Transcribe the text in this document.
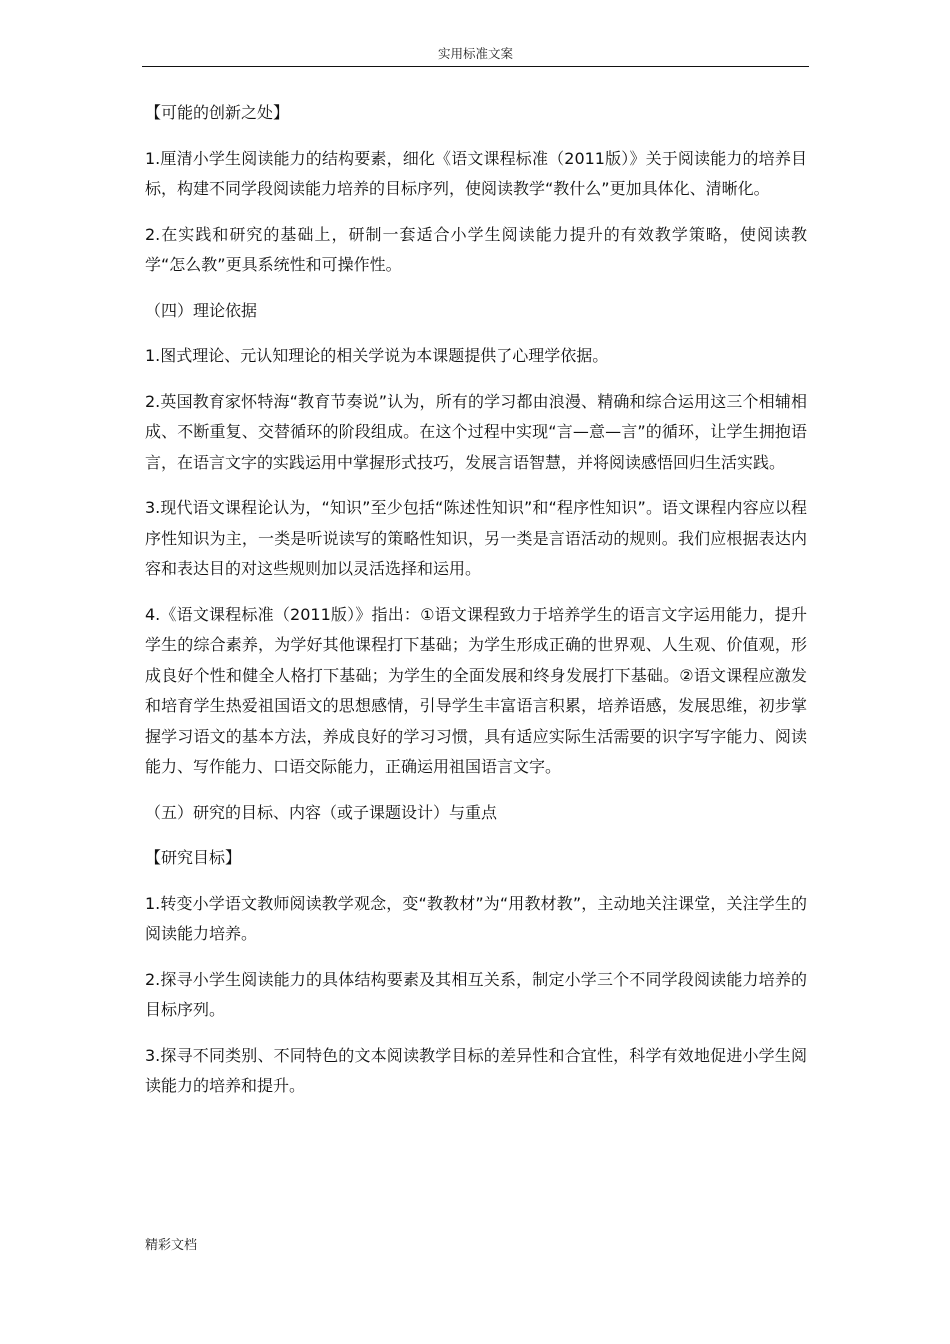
实用标准文案

【可能的创新之处】

1.厘清小学生阅读能力的结构要素，细化《语文课程标准（2011版）》关于阅读能力的培养目标，构建不同学段阅读能力培养的目标序列，使阅读教学“教什么”更加具体化、清晰化。

2.在实践和研究的基础上，研制一套适合小学生阅读能力提升的有效教学策略，使阅读教学“怎么教”更具系统性和可操作性。

（四）理论依据

1.图式理论、元认知理论的相关学说为本课题提供了心理学依据。

2.英国教育家怀特海“教育节奏说”认为，所有的学习都由浪漫、精确和综合运用这三个相辅相成、不断重复、交替循环的阶段组成。在这个过程中实现“言—意—言”的循环，让学生拥抱语言，在语言文字的实践运用中掌握形式技巧，发展言语智慧，并将阅读感悟回归生活实践。

3.现代语文课程论认为，“知识”至少包括“陈述性知识”和“程序性知识”。语文课程内容应以程序性知识为主，一类是听说读写的策略性知识，另一类是言语活动的规则。我们应根据表达内容和表达目的对这些规则加以灵活选择和运用。

4.《语文课程标准（2011版）》指出：①语文课程致力于培养学生的语言文字运用能力，提升学生的综合素养，为学好其他课程打下基础；为学生形成正确的世界观、人生观、价值观，形成良好个性和健全人格打下基础；为学生的全面发展和终身发展打下基础。②语文课程应激发和培育学生热爱祖国语文的思想感情，引导学生丰富语言积累，培养语感，发展思维，初步掌握学习语文的基本方法，养成良好的学习习惯，具有适应实际生活需要的识字写字能力、阅读能力、写作能力、口语交际能力，正确运用祖国语言文字。

（五）研究的目标、内容（或子课题设计）与重点

【研究目标】

1.转变小学语文教师阅读教学观念，变“教教材”为“用教材教”，主动地关注课堂，关注学生的阅读能力培养。

2.探寻小学生阅读能力的具体结构要素及其相互关系，制定小学三个不同学段阅读能力培养的目标序列。

3.探寻不同类别、不同特色的文本阅读教学目标的差异性和合宜性，科学有效地促进小学生阅读能力的培养和提升。

精彩文档
